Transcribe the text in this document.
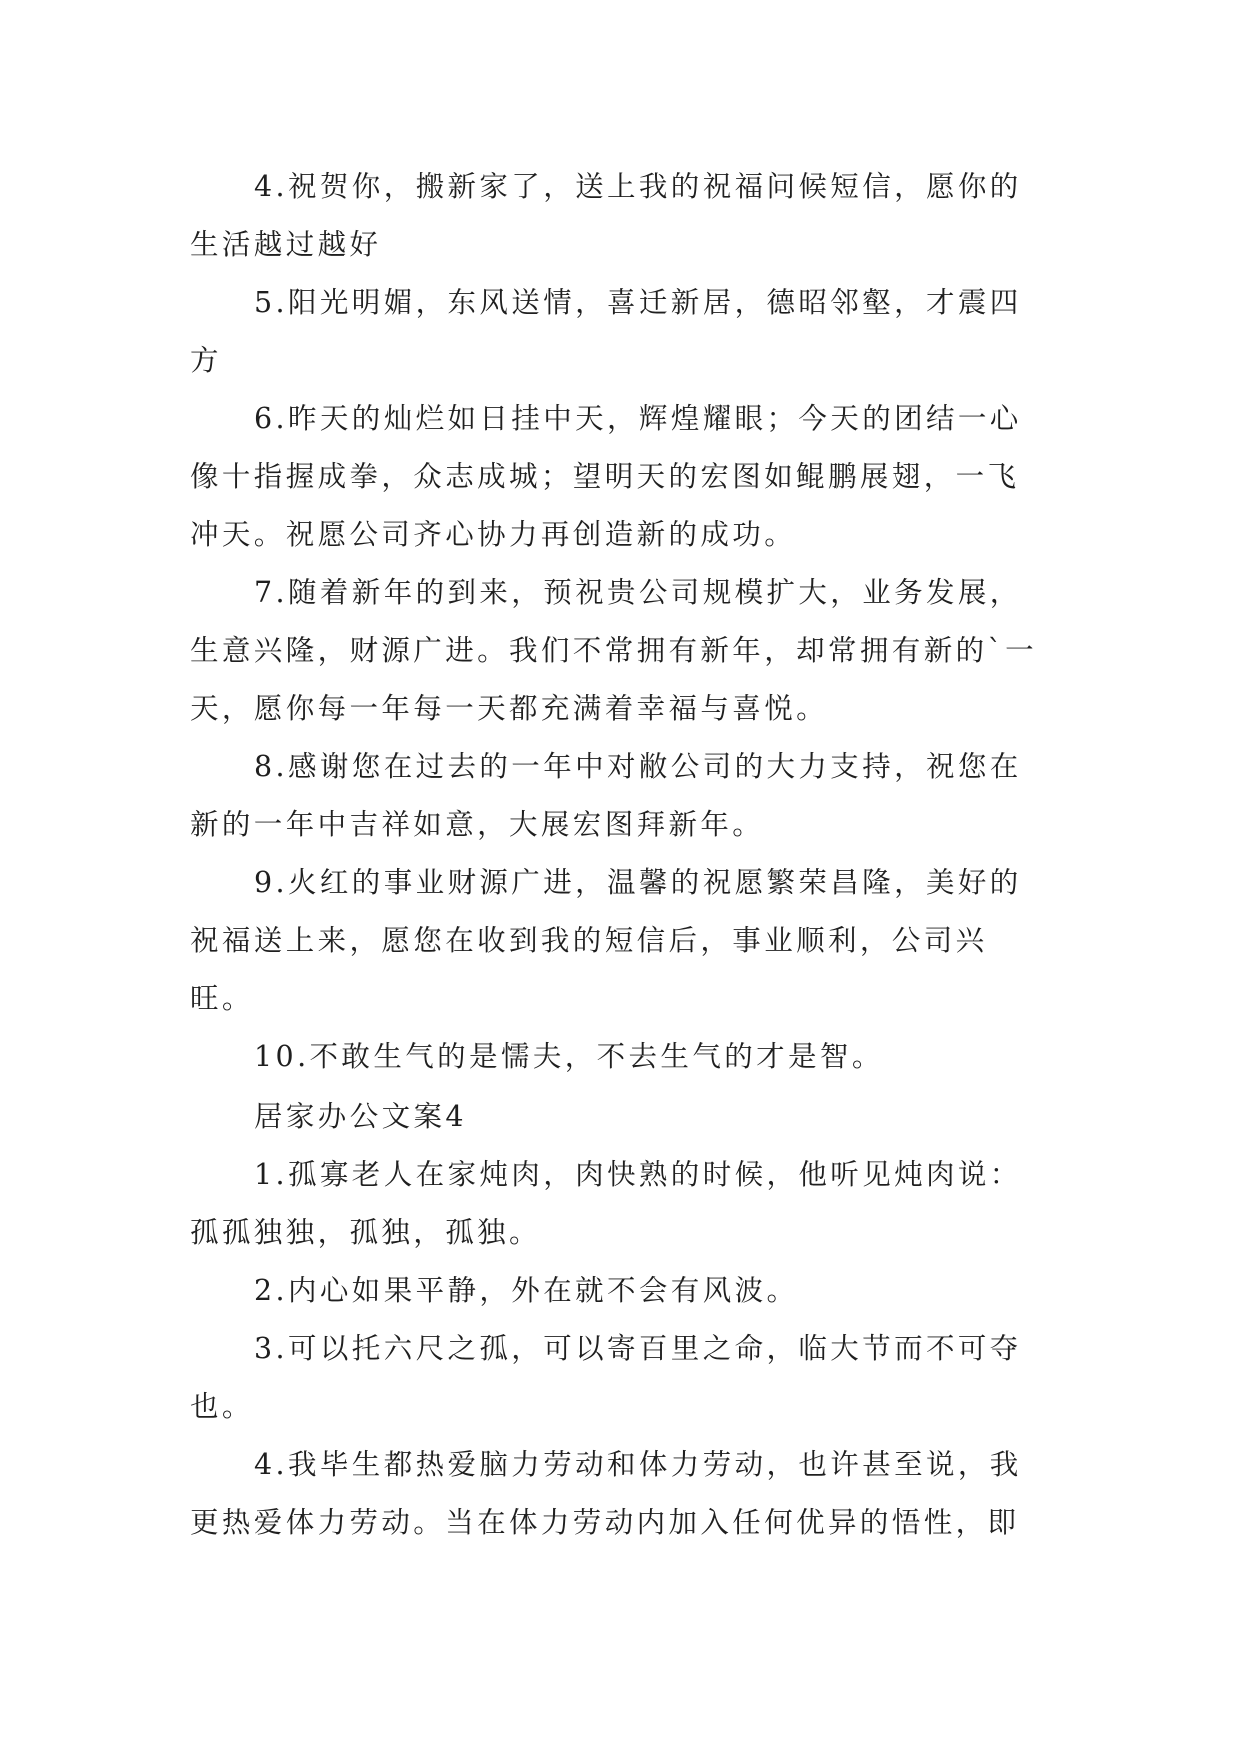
4.祝贺你，搬新家了，送上我的祝福问候短信，愿你的生活越过越好

5.阳光明媚，东风送情，喜迁新居，德昭邻壑，才震四方

6.昨天的灿烂如日挂中天，辉煌耀眼；今天的团结一心像十指握成拳，众志成城；望明天的宏图如鲲鹏展翅，一飞冲天。祝愿公司齐心协力再创造新的成功。

7.随着新年的到来，预祝贵公司规模扩大，业务发展，生意兴隆，财源广进。我们不常拥有新年，却常拥有新的`一天，愿你每一年每一天都充满着幸福与喜悦。

8.感谢您在过去的一年中对敝公司的大力支持，祝您在新的一年中吉祥如意，大展宏图拜新年。

9.火红的事业财源广进，温馨的祝愿繁荣昌隆，美好的祝福送上来，愿您在收到我的短信后，事业顺利，公司兴旺。

10.不敢生气的是懦夫，不去生气的才是智。

居家办公文案4

1.孤寡老人在家炖肉，肉快熟的时候，他听见炖肉说：孤孤独独，孤独，孤独。

2.内心如果平静，外在就不会有风波。

3.可以托六尺之孤，可以寄百里之命，临大节而不可夺也。

4.我毕生都热爱脑力劳动和体力劳动，也许甚至说，我更热爱体力劳动。当在体力劳动内加入任何优异的悟性，即
